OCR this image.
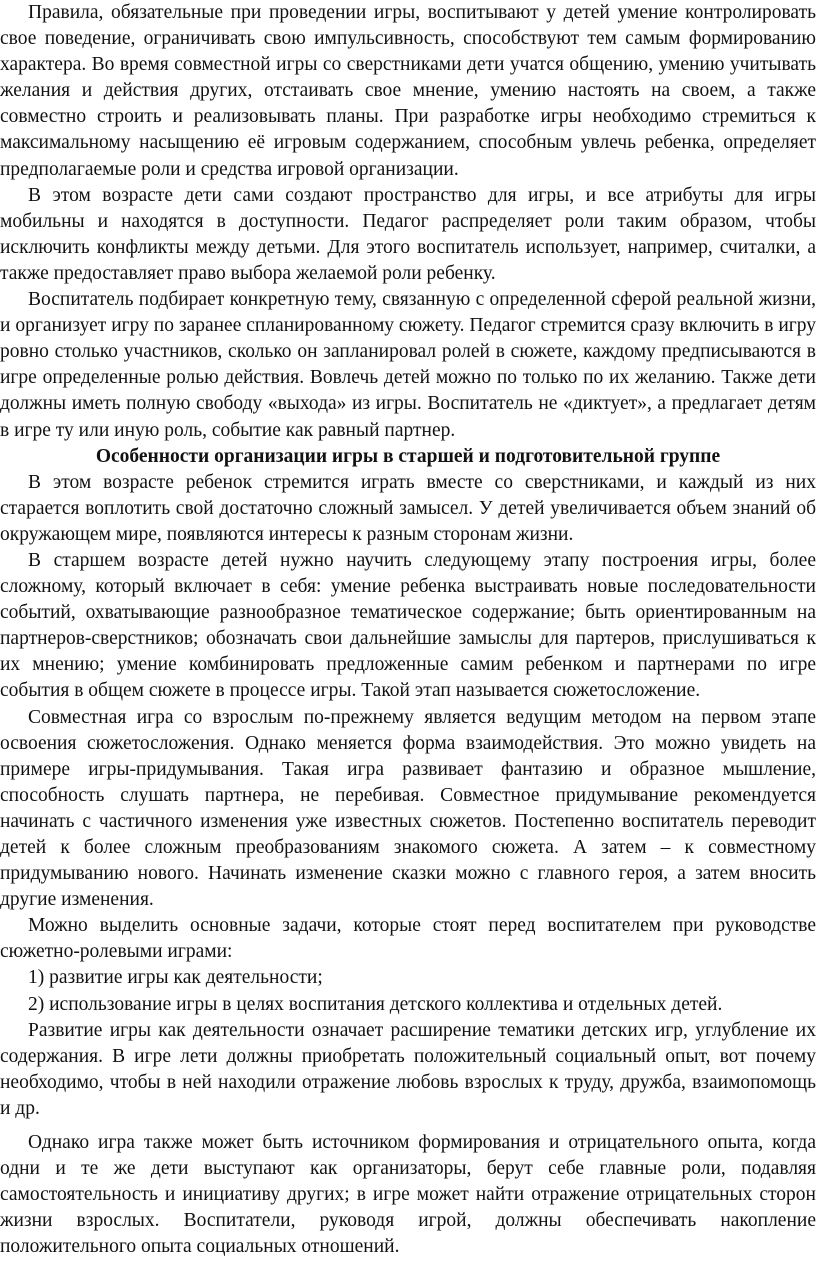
Правила, обязательные при проведении игры, воспитывают у детей умение контролировать свое поведение, ограничивать свою импульсивность, способствуют тем самым формированию характера. Во время совместной игры со сверстниками дети учатся общению, умению учитывать желания и действия других, отстаивать свое мнение, умению настоять на своем, а также совместно строить и реализовывать планы. При разработке игры необходимо стремиться к максимальному насыщению её игровым содержанием, способным увлечь ребенка, определяет предполагаемые роли и средства игровой организации.

В этом возрасте дети сами создают пространство для игры, и все атрибуты для игры мобильны и находятся в доступности. Педагог распределяет роли таким образом, чтобы исключить конфликты между детьми. Для этого воспитатель использует, например, считалки, а также предоставляет право выбора желаемой роли ребенку.

Воспитатель подбирает конкретную тему, связанную с определенной сферой реальной жизни, и организует игру по заранее спланированному сюжету. Педагог стремится сразу включить в игру ровно столько участников, сколько он запланировал ролей в сюжете, каждому предписываются в игре определенные ролью действия. Вовлечь детей можно по только по их желанию. Также дети должны иметь полную свободу «выхода» из игры. Воспитатель не «диктует», а предлагает детям в игре ту или иную роль, событие как равный партнер.

Особенности организации игры в старшей и подготовительной группе

В этом возрасте ребенок стремится играть вместе со сверстниками, и каждый из них старается воплотить свой достаточно сложный замысел. У детей увеличивается объем знаний об окружающем мире, появляются интересы к разным сторонам жизни.

В старшем возрасте детей нужно научить следующему этапу построения игры, более сложному, который включает в себя: умение ребенка выстраивать новые последовательности событий, охватывающие разнообразное тематическое содержание; быть ориентированным на партнеров-сверстников; обозначать свои дальнейшие замыслы для партеров, прислушиваться к их мнению; умение комбинировать предложенные самим ребенком и партнерами по игре события в общем сюжете в процессе игры. Такой этап называется сюжетосложение.

Совместная игра со взрослым по-прежнему является ведущим методом на первом этапе освоения сюжетосложения. Однако меняется форма взаимодействия. Это можно увидеть на примере игры-придумывания. Такая игра развивает фантазию и образное мышление, способность слушать партнера, не перебивая. Совместное придумывание рекомендуется начинать с частичного изменения уже известных сюжетов. Постепенно воспитатель переводит детей к более сложным преобразованиям знакомого сюжета. А затем – к совместному придумыванию нового. Начинать изменение сказки можно с главного героя, а затем вносить другие изменения.

Можно выделить основные задачи, которые стоят перед воспитателем при руководстве сюжетно-ролевыми играми:

1) развитие игры как деятельности;

2) использование игры в целях воспитания детского коллектива и отдельных детей.

Развитие игры как деятельности означает расширение тематики детских игр, углубление их содержания. В игре лети должны приобретать положительный социальный опыт, вот почему необходимо, чтобы в ней находили отражение любовь взрослых к труду, дружба, взаимопомощь и др.

Однако игра также может быть источником формирования и отрицательного опыта, когда одни и те же дети выступают как организаторы, берут себе главные роли, подавляя самостоятельность и инициативу других; в игре может найти отражение отрицательных сторон жизни взрослых. Воспитатели, руководя игрой, должны обеспечивать накопление положительного опыта социальных отношений.
